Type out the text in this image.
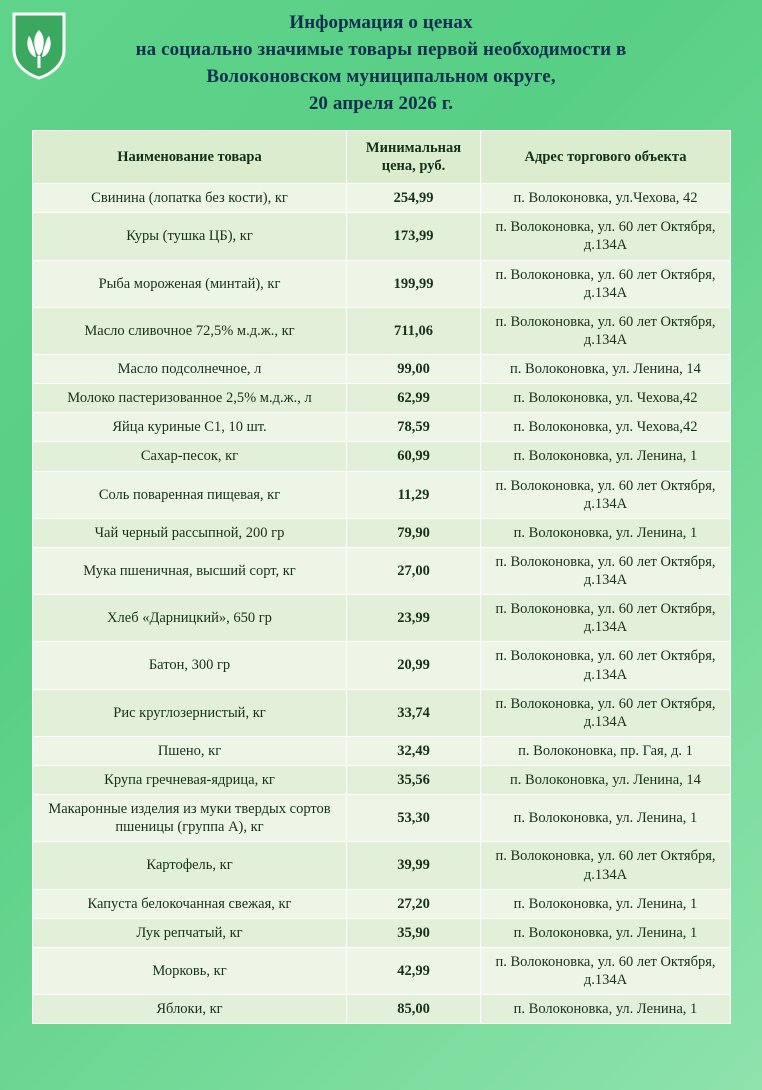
Информация о ценах
на социально значимые товары первой необходимости в
Волоконовском муниципальном округе,
20 апреля 2026 г.
Наименование товара	Минимальная цена, руб.	Адрес торгового объекта
Свинина (лопатка без кости), кг	254,99	п. Волоконовка, ул.Чехова, 42
Куры (тушка ЦБ), кг	173,99	п. Волоконовка, ул. 60 лет Октября, д.134А
Рыба мороженая (минтай), кг	199,99	п. Волоконовка, ул. 60 лет Октября, д.134А
Масло сливочное 72,5% м.д.ж., кг	711,06	п. Волоконовка, ул. 60 лет Октября, д.134А
Масло подсолнечное, л	99,00	п. Волоконовка, ул. Ленина, 14
Молоко пастеризованное 2,5% м.д.ж., л	62,99	п. Волоконовка, ул. Чехова,42
Яйца куриные С1, 10 шт.	78,59	п. Волоконовка, ул. Чехова,42
Сахар-песок, кг	60,99	п. Волоконовка, ул. Ленина, 1
Соль поваренная пищевая, кг	11,29	п. Волоконовка, ул. 60 лет Октября, д.134А
Чай черный рассыпной, 200 гр	79,90	п. Волоконовка, ул. Ленина, 1
Мука пшеничная, высший сорт, кг	27,00	п. Волоконовка, ул. 60 лет Октября, д.134А
Хлеб «Дарницкий», 650 гр	23,99	п. Волоконовка, ул. 60 лет Октября, д.134А
Батон, 300 гр	20,99	п. Волоконовка, ул. 60 лет Октября, д.134А
Рис круглозернистый, кг	33,74	п. Волоконовка, ул. 60 лет Октября, д.134А
Пшено, кг	32,49	п. Волоконовка, пр. Гая, д. 1
Крупа гречневая-ядрица, кг	35,56	п. Волоконовка, ул. Ленина, 14
Макаронные изделия из муки твердых сортов пшеницы (группа А), кг	53,30	п. Волоконовка, ул. Ленина, 1
Картофель, кг	39,99	п. Волоконовка, ул. 60 лет Октября, д.134А
Капуста белокочанная свежая, кг	27,20	п. Волоконовка, ул. Ленина, 1
Лук репчатый, кг	35,90	п. Волоконовка, ул. Ленина, 1
Морковь, кг	42,99	п. Волоконовка, ул. 60 лет Октября, д.134А
Яблоки, кг	85,00	п. Волоконовка, ул. Ленина, 1
